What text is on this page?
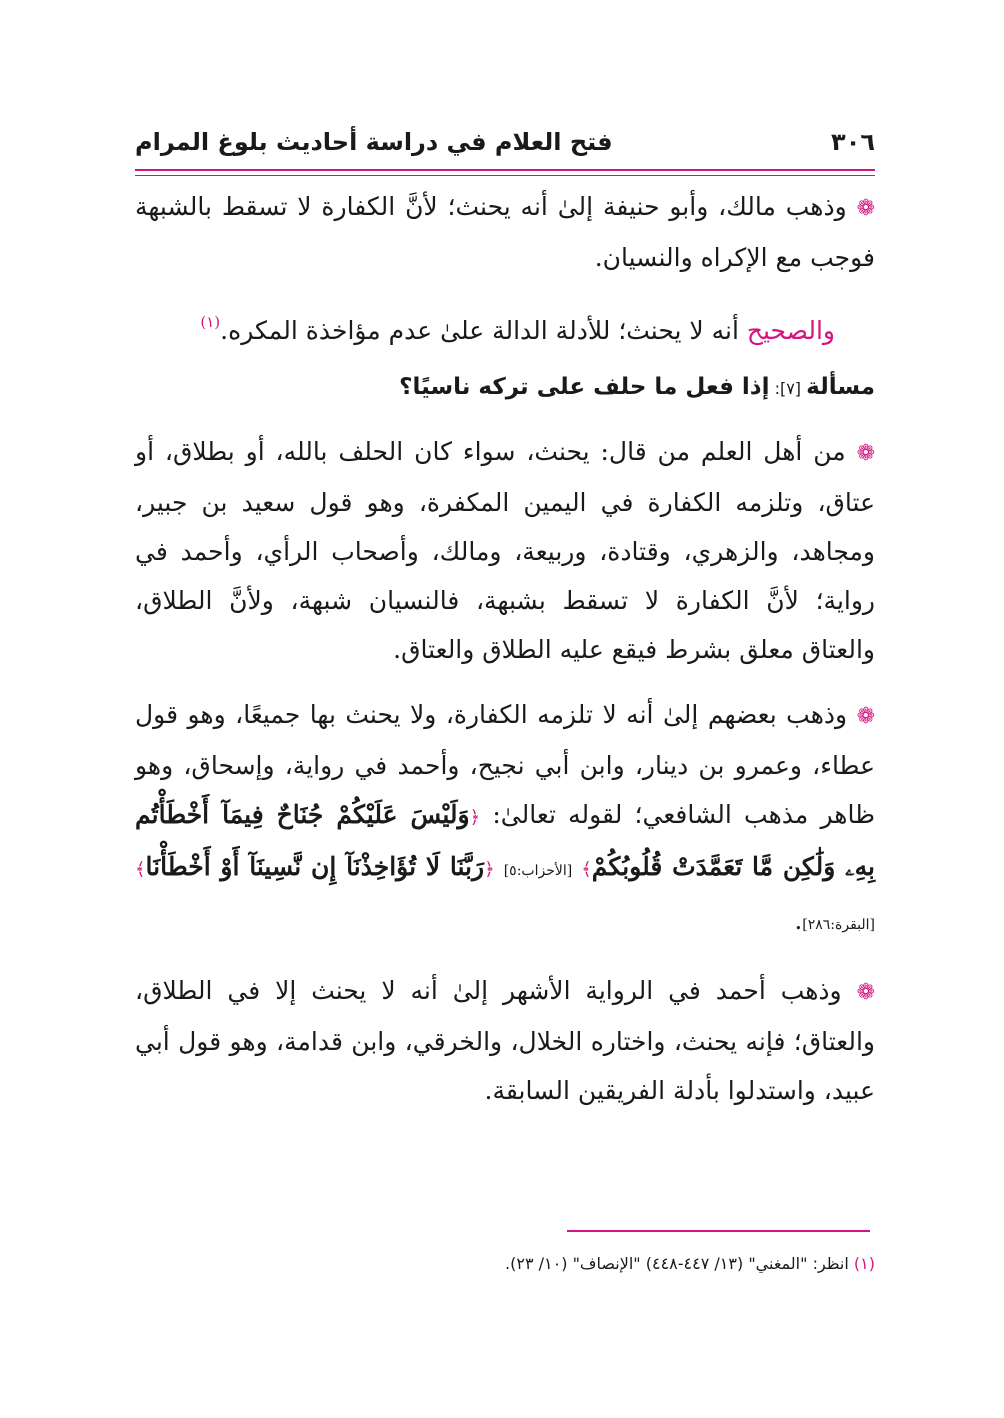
٣٠٦
فتح العلام في دراسة أحاديث بلوغ المرام

❁ وذهب مالك، وأبو حنيفة إلىٰ أنه يحنث؛ لأنَّ الكفارة لا تسقط بالشبهة فوجب مع الإكراه والنسيان.

والصحيح أنه لا يحنث؛ للأدلة الدالة علىٰ عدم مؤاخذة المكره.$^{(١)}$

مسألة [٧]: إذا فعل ما حلف على تركه ناسيًا؟

❁ من أهل العلم من قال: يحنث، سواء كان الحلف بالله، أو بطلاق، أو عتاق، وتلزمه الكفارة في اليمين المكفرة، وهو قول سعيد بن جبير، ومجاهد، والزهري، وقتادة، وربيعة، ومالك، وأصحاب الرأي، وأحمد في رواية؛ لأنَّ الكفارة لا تسقط بشبهة، فالنسيان شبهة، ولأنَّ الطلاق، والعتاق معلق بشرط فيقع عليه الطلاق والعتاق.

❁ وذهب بعضهم إلىٰ أنه لا تلزمه الكفارة، ولا يحنث بها جميعًا، وهو قول عطاء، وعمرو بن دينار، وابن أبي نجيح، وأحمد في رواية، وإسحاق، وهو ظاهر مذهب الشافعي؛ لقوله تعالىٰ: ﴿وَلَيْسَ عَلَيْكُمْ جُنَاحٌ فِيمَآ أَخْطَأْتُم بِهِۦ وَلَٰكِن مَّا تَعَمَّدَتْ قُلُوبُكُمْ﴾ [الأحزاب:٥] ﴿رَبَّنَا لَا تُؤَاخِذْنَآ إِن نَّسِينَآ أَوْ أَخْطَأْنَا﴾ [البقرة:٢٨٦].

❁ وذهب أحمد في الرواية الأشهر إلىٰ أنه لا يحنث إلا في الطلاق، والعتاق؛ فإنه يحنث، واختاره الخلال، والخرقي، وابن قدامة، وهو قول أبي عبيد، واستدلوا بأدلة الفريقين السابقة.

(١) انظر: "المغني" (١٣/ ٤٤٧-٤٤٨) "الإنصاف" (١٠/ ٢٣).
